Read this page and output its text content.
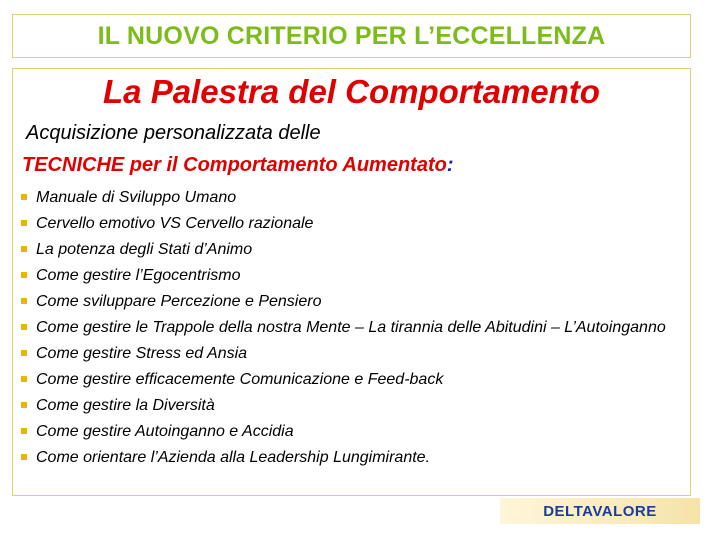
IL NUOVO CRITERIO PER L’ECCELLENZA
La Palestra del Comportamento
Acquisizione personalizzata delle
TECNICHE per il Comportamento Aumentato:
Manuale di Sviluppo Umano
Cervello emotivo VS Cervello razionale
La potenza degli Stati d’Animo
Come gestire l’Egocentrismo
Come sviluppare Percezione e Pensiero
Come gestire le Trappole della nostra Mente – La tirannia delle Abitudini – L’Autoinganno
Come gestire Stress ed Ansia
Come gestire efficacemente Comunicazione e Feed-back
Come gestire la Diversità
Come gestire Autoinganno e Accidia
Come orientare l’Azienda alla Leadership Lungimirante.
DELTAVALORE
